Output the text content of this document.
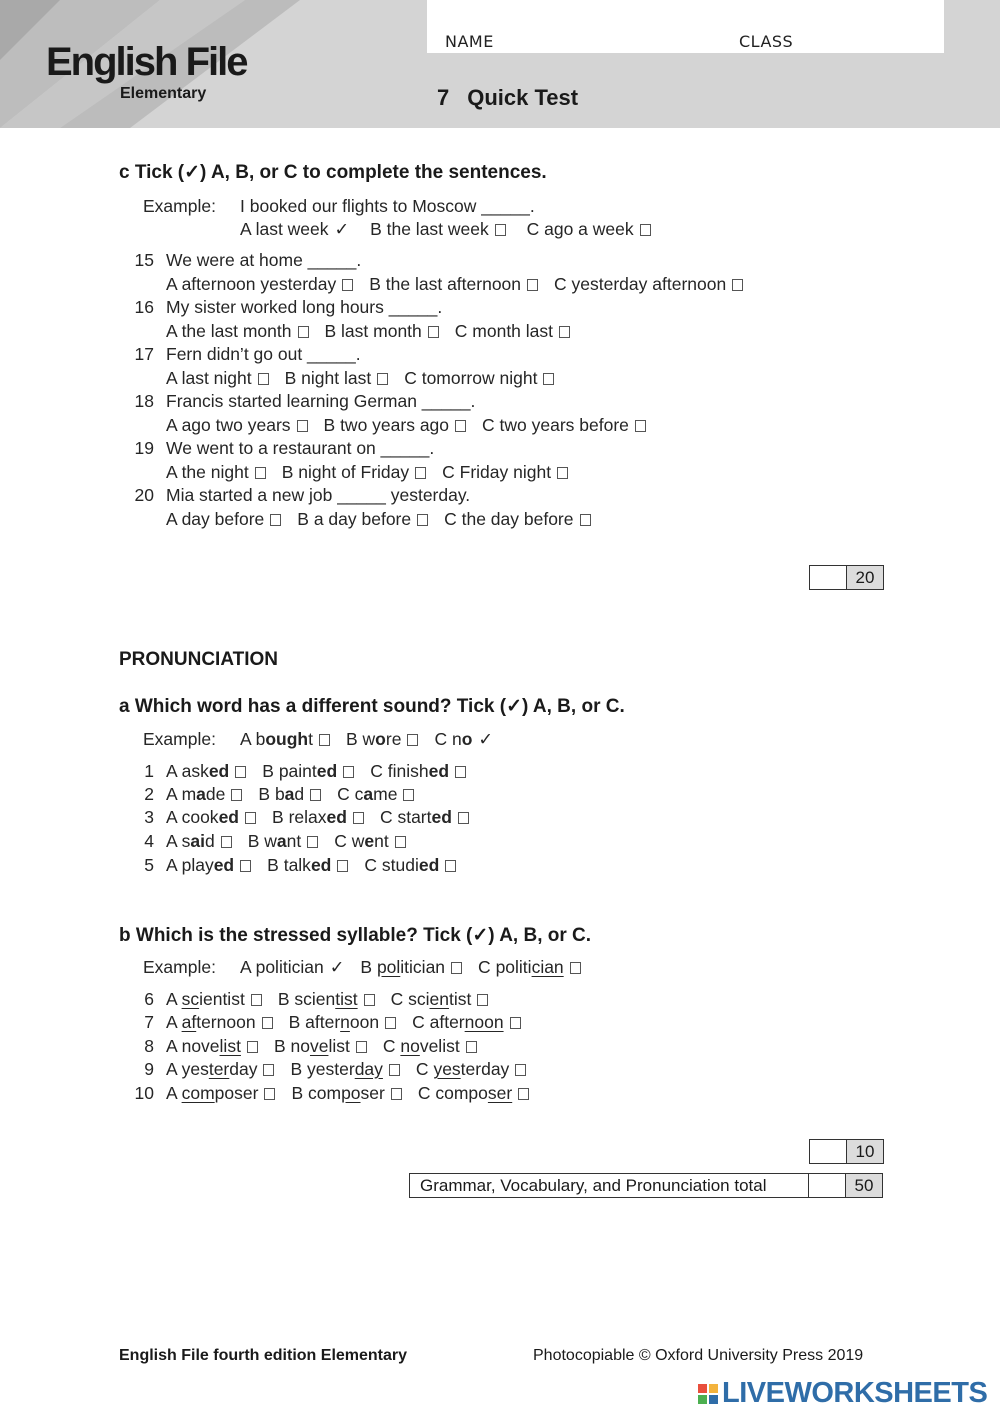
English File
Elementary
NAME	CLASS
7 Quick Test
c Tick (✓) A, B, or C to complete the sentences.
Example: I booked our flights to Moscow _____.
A last week ✓ B the last week C ago a week
15 We were at home _____.
A afternoon yesterday B the last afternoon C yesterday afternoon
16 My sister worked long hours _____.
A the last month B last month C month last
17 Fern didn’t go out _____.
A last night B night last C tomorrow night
18 Francis started learning German _____.
A ago two years B two years ago C two years before
19 We went to a restaurant on _____.
A the night B night of Friday C Friday night
20 Mia started a new job _____ yesterday.
A day before B a day before C the day before
20
PRONUNCIATION
a Which word has a different sound? Tick (✓) A, B, or C.
Example: A bought B wore C no ✓
1 A asked B painted C finished
2 A made B bad C came
3 A cooked B relaxed C started
4 A said B want C went
5 A played B talked C studied
b Which is the stressed syllable? Tick (✓) A, B, or C.
Example: A politician ✓ B politician C politician
6 A scientist B scientist C scientist
7 A afternoon B afternoon C afternoon
8 A novelist B novelist C novelist
9 A yesterday B yesterday C yesterday
10 A composer B composer C composer
10
Grammar, Vocabulary, and Pronunciation total	50
English File fourth edition Elementary	Photocopiable © Oxford University Press 2019
LIVEWORKSHEETS
